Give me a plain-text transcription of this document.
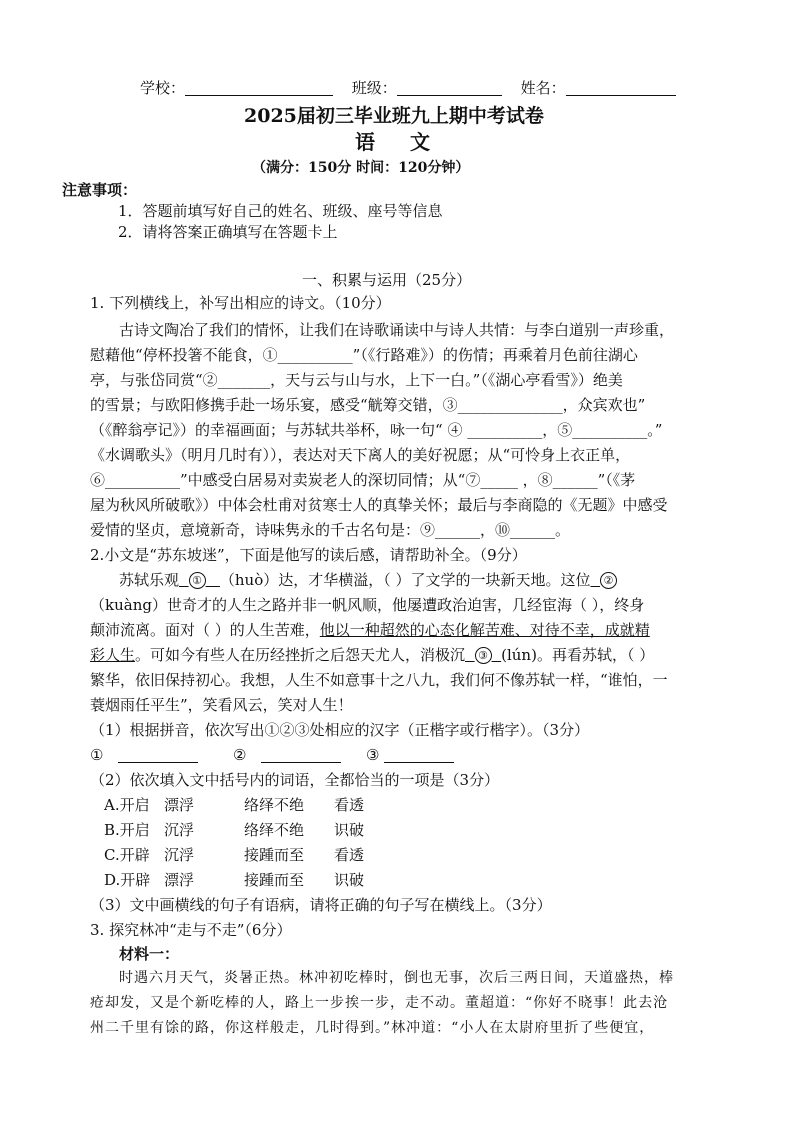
学校：	班级：	姓名：
2025届初三毕业班九上期中考试卷
语 文
（满分：150分 时间：120分钟）
注意事项：
1．答题前填写好自己的姓名、班级、座号等信息
2．请将答案正确填写在答题卡上
一、积累与运用（25分）
1. 下列横线上，补写出相应的诗文。（10分）
古诗文陶冶了我们的情怀，让我们在诗歌诵读中与诗人共情：与李白道别一声珍重，
慰藉他“停杯投箸不能食，①__________”（《行路难》）的伤情；再乘着月色前往湖心
亭，与张岱同赏“②_______，天与云与山与水，上下一白。”（《湖心亭看雪》）绝美
的雪景；与欧阳修携手赴一场乐宴，感受“觥筹交错，③______________，众宾欢也”
（《醉翁亭记》）的幸福画面；与苏轼共举杯，咏一句“ ④ __________，⑤__________。”
《水调歌头》（明月几时有）），表达对天下离人的美好祝愿；从“可怜身上衣正单，
⑥__________”中感受白居易对卖炭老人的深切同情；从“⑦_____ ，⑧______”（《茅
屋为秋风所破歌》）中体会杜甫对贫寒士人的真挚关怀；最后与李商隐的《无题》中感受
爱情的坚贞，意境新奇，诗味隽永的千古名句是：⑨______，⑩______。
2.小文是“苏东坡迷”，下面是他写的读后感，请帮助补全。（9分）
苏轼乐观 ① （huò）达，才华横溢，（ ）了文学的一块新天地。这位 ②
（kuàng）世奇才的人生之路并非一帆风顺，他屡遭政治迫害，几经宦海（ ），终身
颠沛流离。面对（ ）的人生苦难，他以一种超然的心态化解苦难、对待不幸，成就精
彩人生。可如今有些人在历经挫折之后怨天尤人，消极沉 ③ (lún)。再看苏轼，（ ）
繁华，依旧保持初心。我想，人生不如意事十之八九，我们何不像苏轼一样，“谁怕，一
蓑烟雨任平生”，笑看风云，笑对人生！
（1）根据拼音，依次写出①②③处相应的汉字（正楷字或行楷字）。（3分）
①	②	③
（2）依次填入文中括号内的词语，全都恰当的一项是（3分）
A.开启 漂浮	络绎不绝 看透
B.开启 沉浮	络绎不绝 识破
C.开辟 沉浮	接踵而至 看透
D.开辟 漂浮	接踵而至 识破
（3）文中画横线的句子有语病，请将正确的句子写在横线上。（3分）
3. 探究林冲“走与不走”（6分）
材料一：
时遇六月天气，炎暑正热。林冲初吃棒时，倒也无事，次后三两日间，天道盛热，棒
疮却发，又是个新吃棒的人，路上一步挨一步，走不动。董超道：“你好不晓事！此去沧
州二千里有馀的路，你这样般走，几时得到。”林冲道：“小人在太尉府里折了些便宜，
